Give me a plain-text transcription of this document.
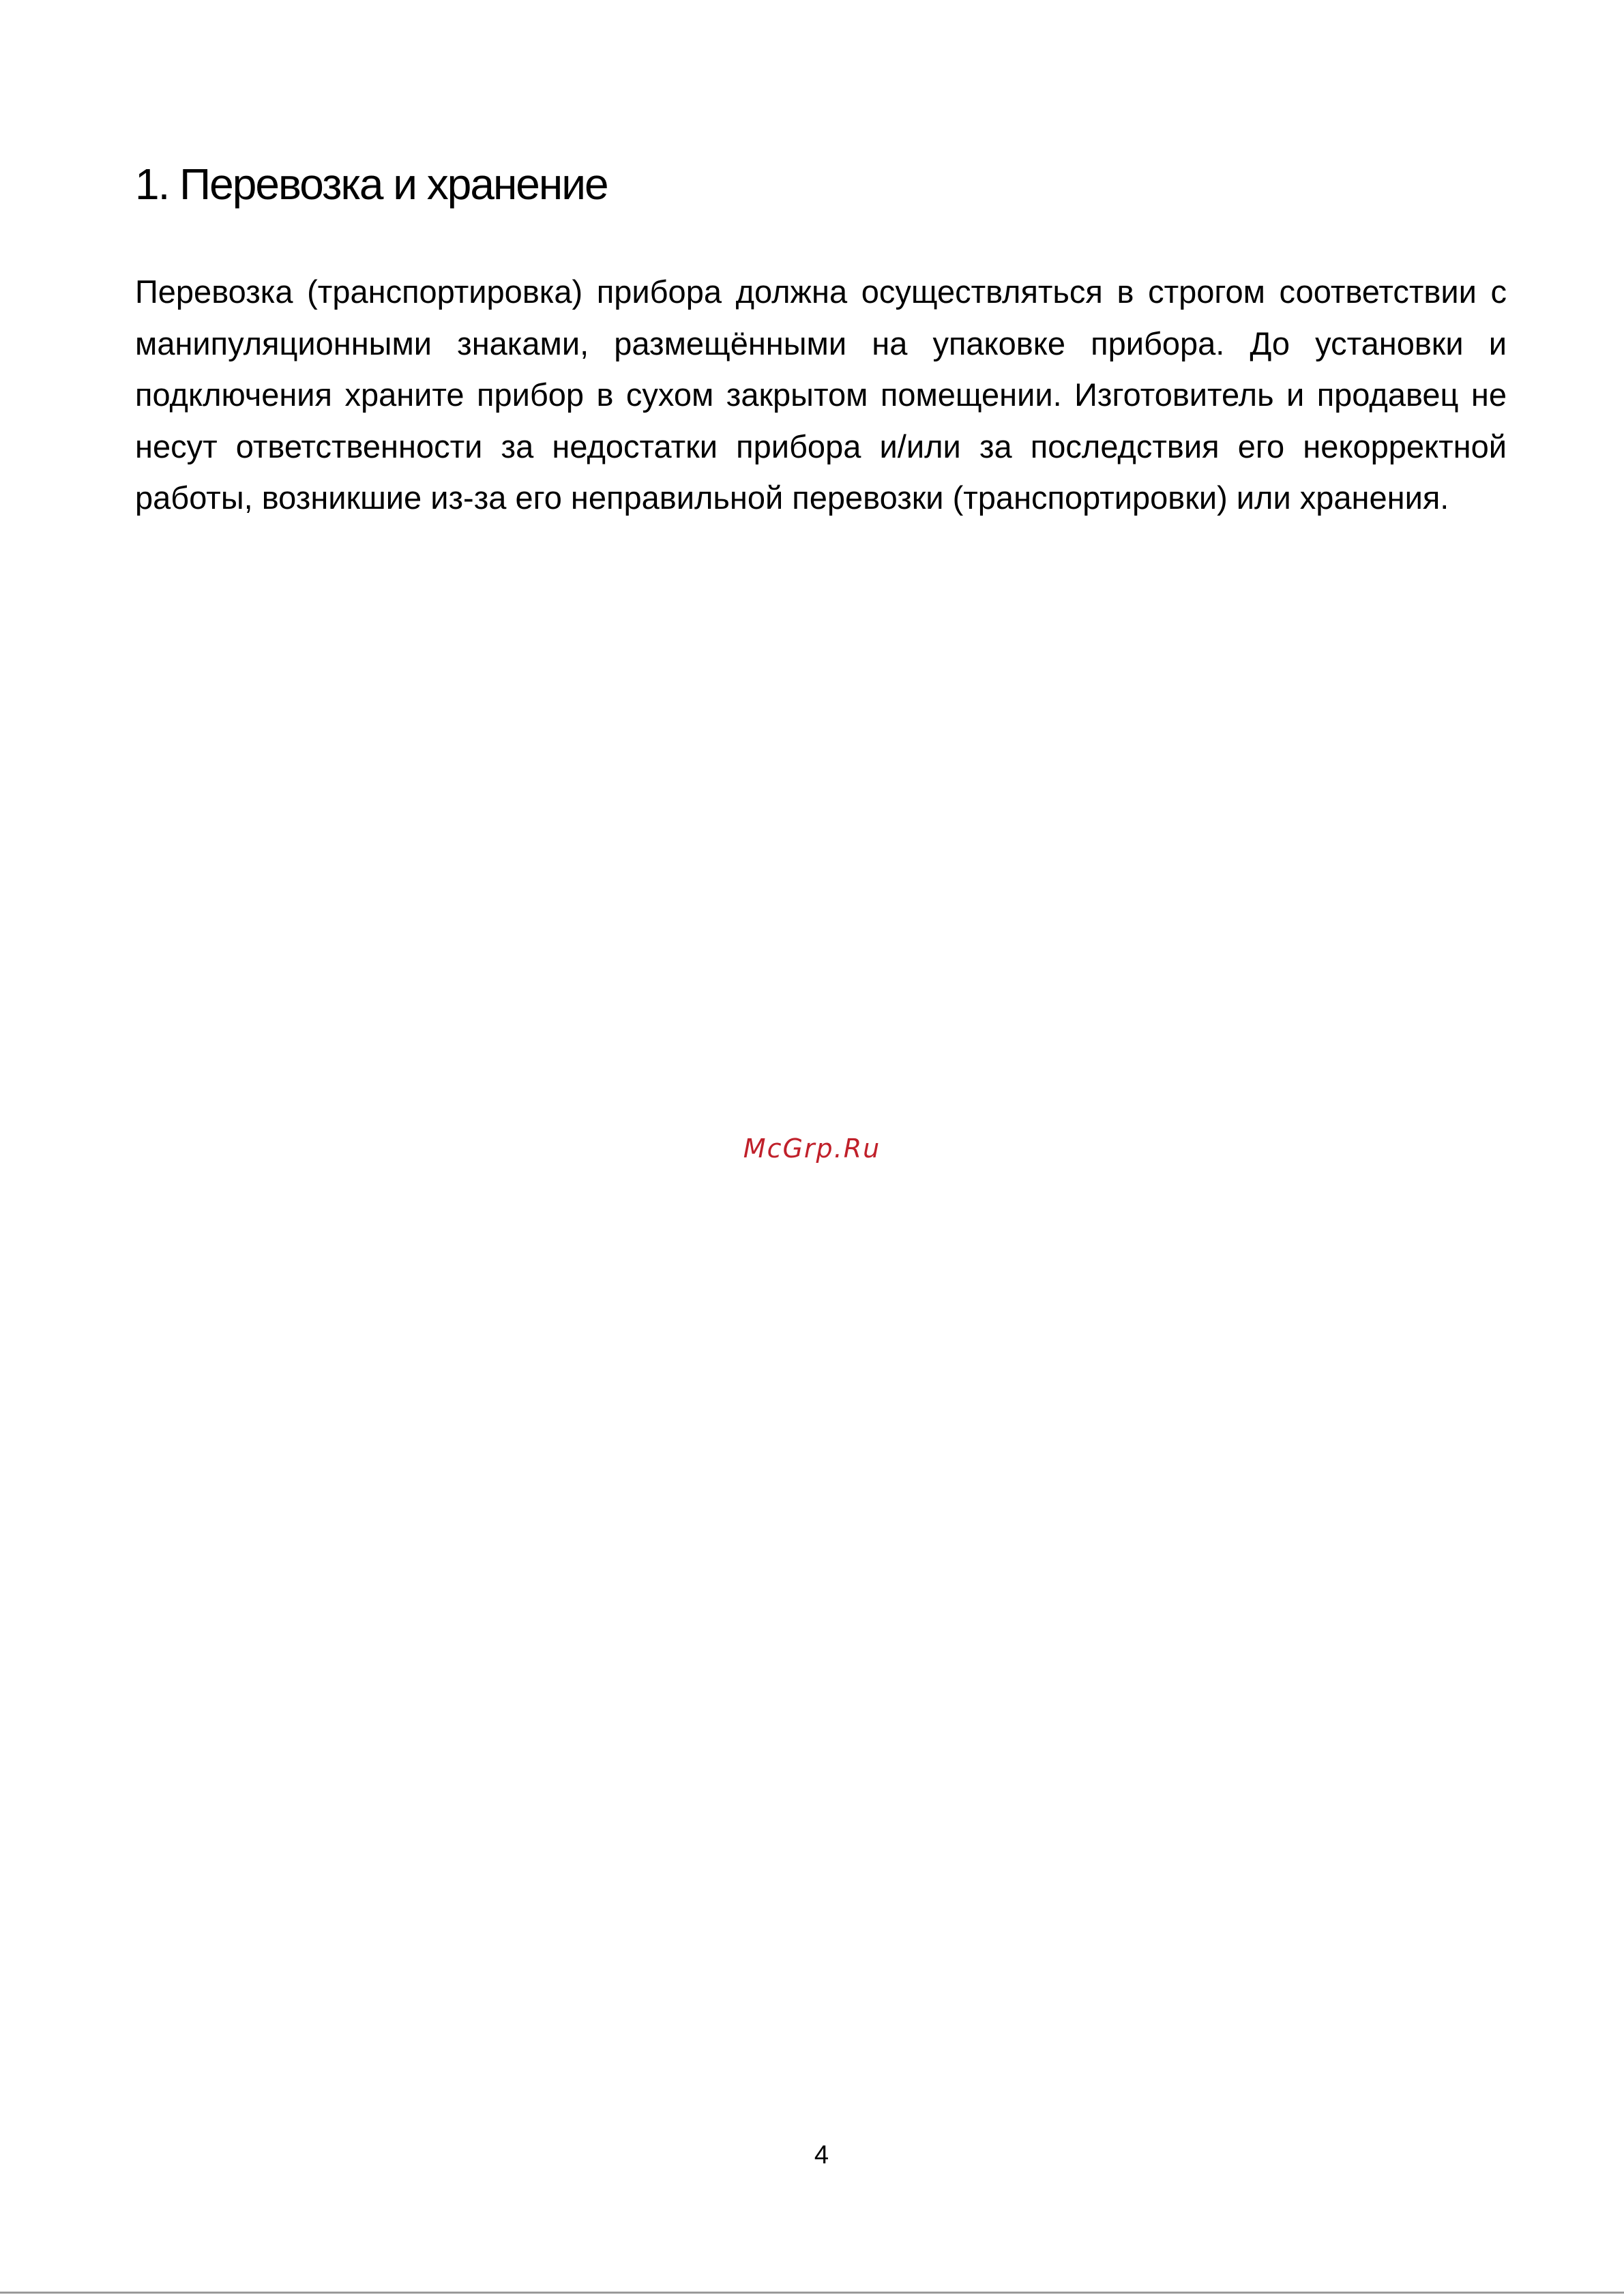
1. Перевозка и хранение

Перевозка (транспортировка) прибора должна осуществляться в строгом соответствии с манипуляционными знаками, размещёнными на упаковке прибора. До установки и подключения храните прибор в сухом закрытом помещении. Изготовитель и продавец не несут ответственности за недостатки прибора и/или за последствия его некорректной работы, возникшие из-за его неправильной перевозки (транспортировки) или хранения.

McGrp.Ru
4
